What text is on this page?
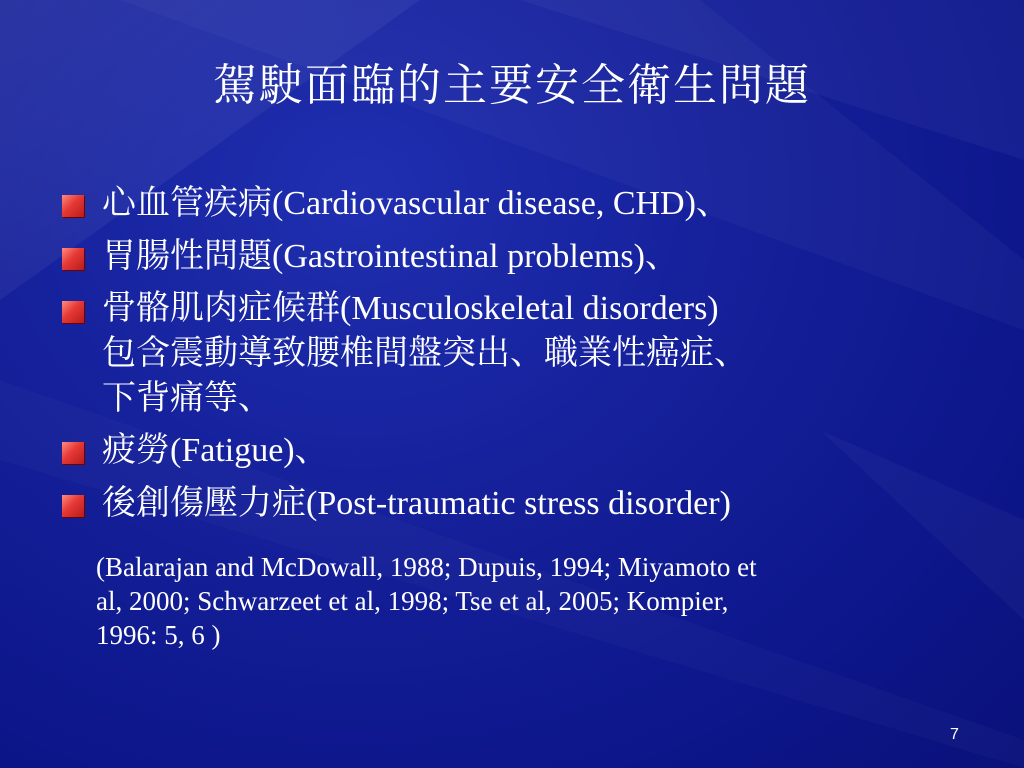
駕駛面臨的主要安全衛生問題
心血管疾病(Cardiovascular disease, CHD)、
胃腸性問題(Gastrointestinal problems)、
骨骼肌肉症候群(Musculoskeletal disorders)
包含震動導致腰椎間盤突出、職業性癌症、
下背痛等、
疲勞(Fatigue)、
後創傷壓力症(Post-traumatic stress disorder)
(Balarajan and McDowall, 1988; Dupuis, 1994; Miyamoto et
al, 2000; Schwarzeet et al, 1998; Tse et al, 2005; Kompier,
1996: 5, 6 )
7
